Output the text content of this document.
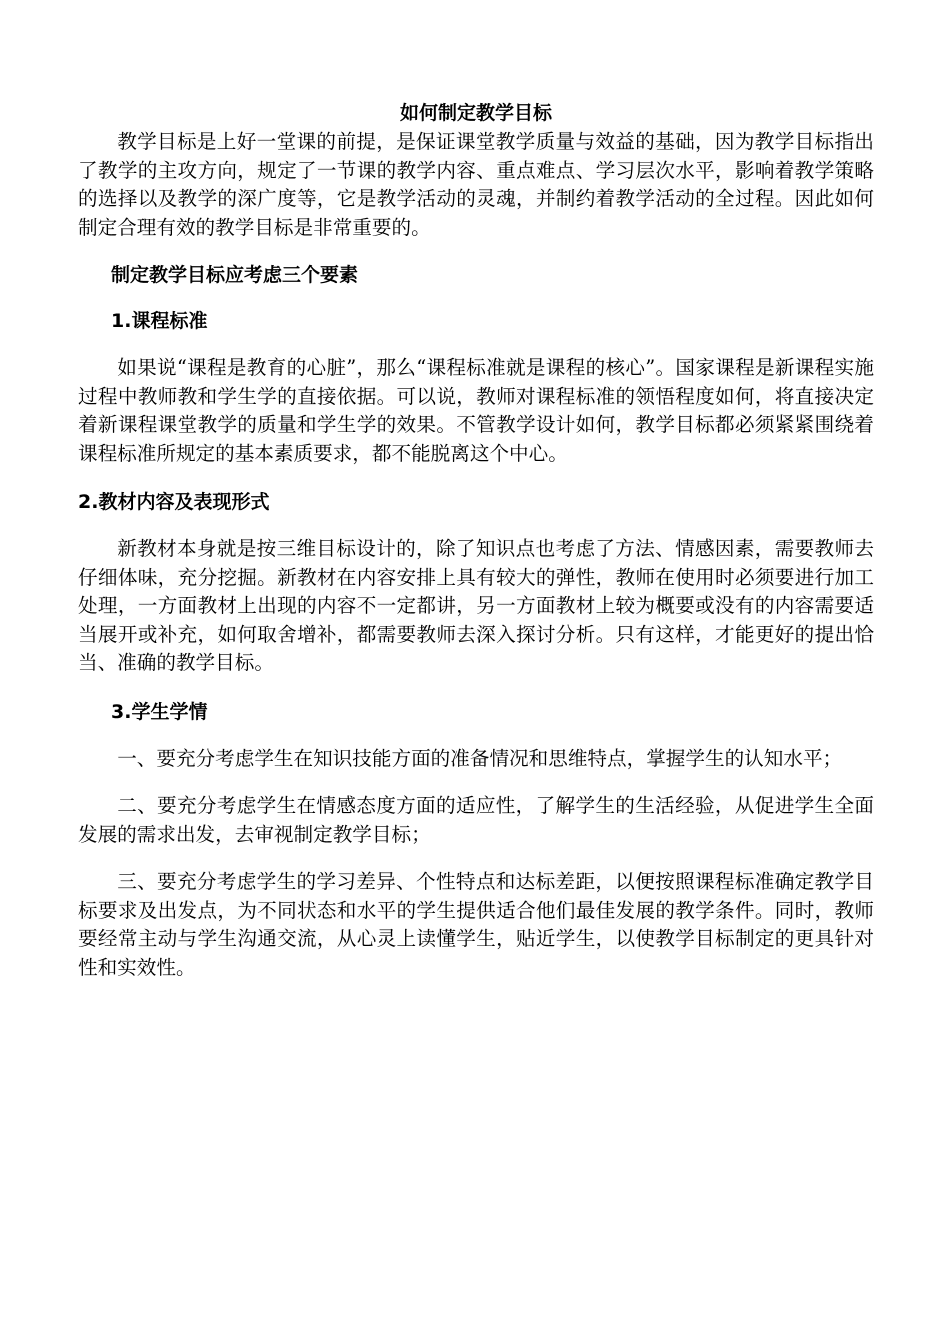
如何制定教学目标

教学目标是上好一堂课的前提，是保证课堂教学质量与效益的基础，因为教学目标指出了教学的主攻方向，规定了一节课的教学内容、重点难点、学习层次水平，影响着教学策略的选择以及教学的深广度等，它是教学活动的灵魂，并制约着教学活动的全过程。因此如何制定合理有效的教学目标是非常重要的。

制定教学目标应考虑三个要素
1.课程标准

如果说“课程是教育的心脏”，那么“课程标准就是课程的核心”。国家课程是新课程实施过程中教师教和学生学的直接依据。可以说，教师对课程标准的领悟程度如何，将直接决定着新课程课堂教学的质量和学生学的效果。不管教学设计如何，教学目标都必须紧紧围绕着课程标准所规定的基本素质要求，都不能脱离这个中心。

2.教材内容及表现形式

新教材本身就是按三维目标设计的，除了知识点也考虑了方法、情感因素，需要教师去仔细体味，充分挖掘。新教材在内容安排上具有较大的弹性，教师在使用时必须要进行加工处理，一方面教材上出现的内容不一定都讲，另一方面教材上较为概要或没有的内容需要适当展开或补充，如何取舍增补，都需要教师去深入探讨分析。只有这样，才能更好的提出恰当、准确的教学目标。

3.学生学情

一、要充分考虑学生在知识技能方面的准备情况和思维特点，掌握学生的认知水平；

二、要充分考虑学生在情感态度方面的适应性，了解学生的生活经验，从促进学生全面发展的需求出发，去审视制定教学目标；

三、要充分考虑学生的学习差异、个性特点和达标差距，以便按照课程标准确定教学目标要求及出发点，为不同状态和水平的学生提供适合他们最佳发展的教学条件。同时，教师要经常主动与学生沟通交流，从心灵上读懂学生，贴近学生，以使教学目标制定的更具针对性和实效性。
